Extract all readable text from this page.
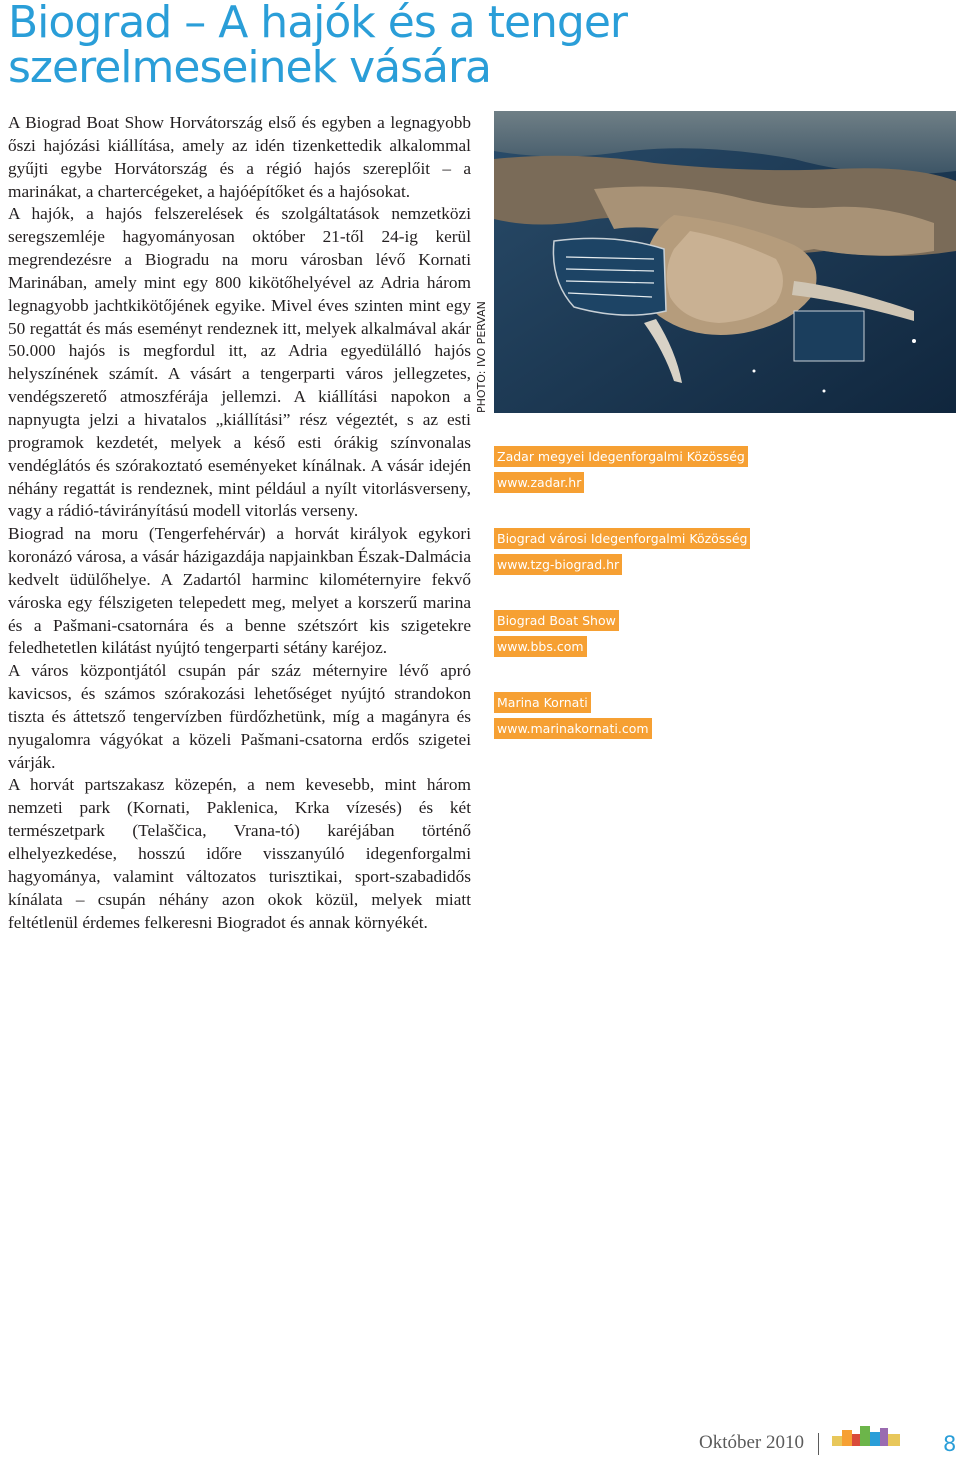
Biograd – A hajók és a tenger
szerelmeseinek vására

A Biograd Boat Show Horvátország első és egyben a legnagyobb őszi hajózási kiállítása, amely az idén tizenkettedik alkalommal gyűjti egybe Horvátország és a régió hajós szereplőit – a marinákat, a chartercégeket, a hajóépítőket és a hajósokat.

A hajók, a hajós felszerelések és szolgáltatások nemzetközi seregszemléje hagyományosan október 21-től 24-ig kerül megrendezésre a Biogradu na moru városban lévő Kornati Marinában, amely mint egy 800 kikötőhelyével az Adria három legnagyobb jachtkikötőjének egyike. Mivel éves szinten mint egy 50 regattát és más eseményt rendeznek itt, melyek alkalmával akár 50.000 hajós is megfordul itt, az Adria egyedülálló hajós helyszínének számít. A vásárt a tengerparti város jellegzetes, vendégszerető atmoszférája jellemzi. A kiállítási napokon a napnyugta jelzi a hivatalos „kiállítási” rész végeztét, s az esti programok kezdetét, melyek a késő esti órákig színvonalas vendéglátós és szórakoztató eseményeket kínálnak. A vásár idején néhány regattát is rendeznek, mint például a nyílt vitorlásverseny, vagy a rádió-távirányítású modell vitorlás verseny.

Biograd na moru (Tengerfehérvár) a horvát királyok egykori koronázó városa, a vásár házigazdája napjainkban Észak-Dalmácia kedvelt üdülőhelye. A Zadartól harminc kilométernyire fekvő városka egy félszigeten telepedett meg, melyet a korszerű marina és a Pašmani-csatornára és a benne szétszórt kis szigetekre feledhetetlen kilátást nyújtó tengerparti sétány karéjoz.

A város központjától csupán pár száz méternyire lévő apró kavicsos, és számos szórakozási lehetőséget nyújtó strandokon tiszta és áttetsző tengervízben fürdőzhetünk, míg a magányra és nyugalomra vágyókat a közeli Pašmani-csatorna erdős szigetei várják.

A horvát partszakasz közepén, a nem kevesebb, mint három nemzeti park (Kornati, Paklenica, Krka vízesés) és két természetpark (Telaščica, Vrana-tó) karéjában történő elhelyezkedése, hosszú időre visszanyúló idegenforgalmi hagyománya, valamint változatos turisztikai, sport-szabadidős kínálata – csupán néhány azon okok közül, melyek miatt feltétlenül érdemes felkeresni Biogradot és annak környékét.

PHOTO: IVO PERVAN
Zadar megyei Idegenforgalmi Közösség
www.zadar.hr
Biograd városi Idegenforgalmi Közösség
www.tzg-biograd.hr
Biograd Boat Show
www.bbs.com
Marina Kornati
www.marinakornati.com
Október 2010	8
